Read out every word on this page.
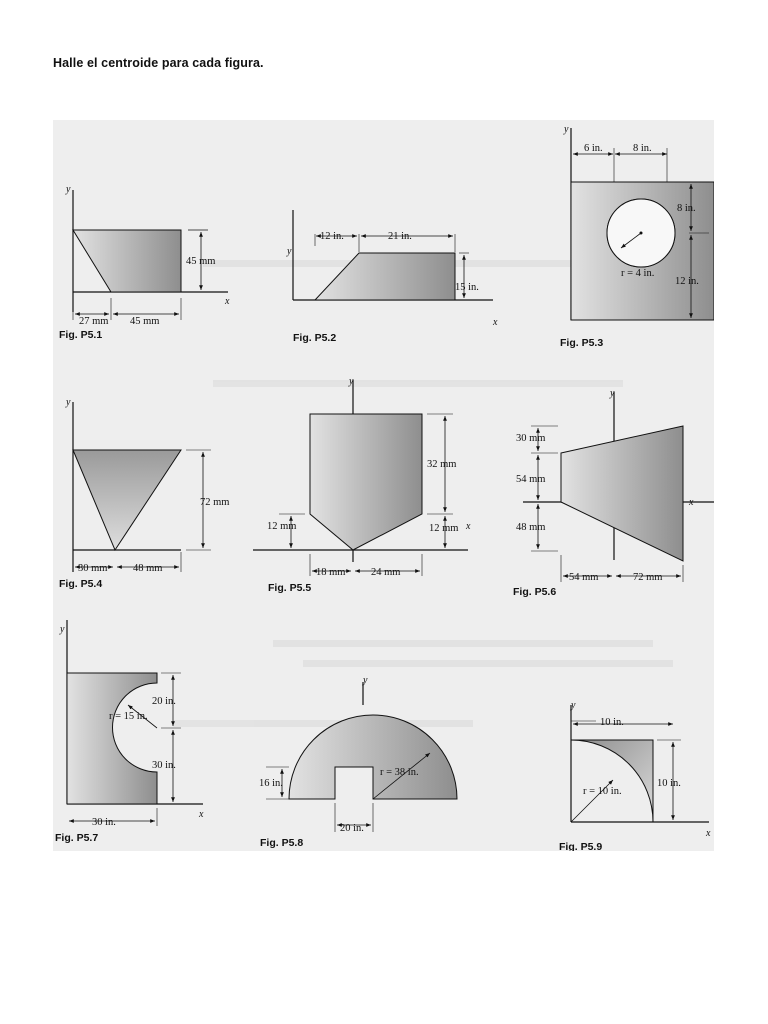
Halle el centroide para cada figura.
y
x
45 mm
27 mm 45 mm
Fig. P5.1
y
x
12 in.	21 in.
15 in.
Fig. P5.2
y
6 in.	8 in.
r = 4 in.
8 in.
12 in.
Fig. P5.3
y
72 mm
30 mm 48 mm
Fig. P5.4
y
x
32 mm
12 mm
12 mm
18 mm 24 mm
Fig. P5.5
y
x
30 mm
54 mm
48 mm
54 mm	72 mm
Fig. P5.6
y
x
r = 15 in.
20 in.
30 in.
30 in.
Fig. P5.7
y
r = 38 in.
16 in.
20 in.
Fig. P5.8
y
x
10 in.
r = 10 in.
10 in.
Fig. P5.9
